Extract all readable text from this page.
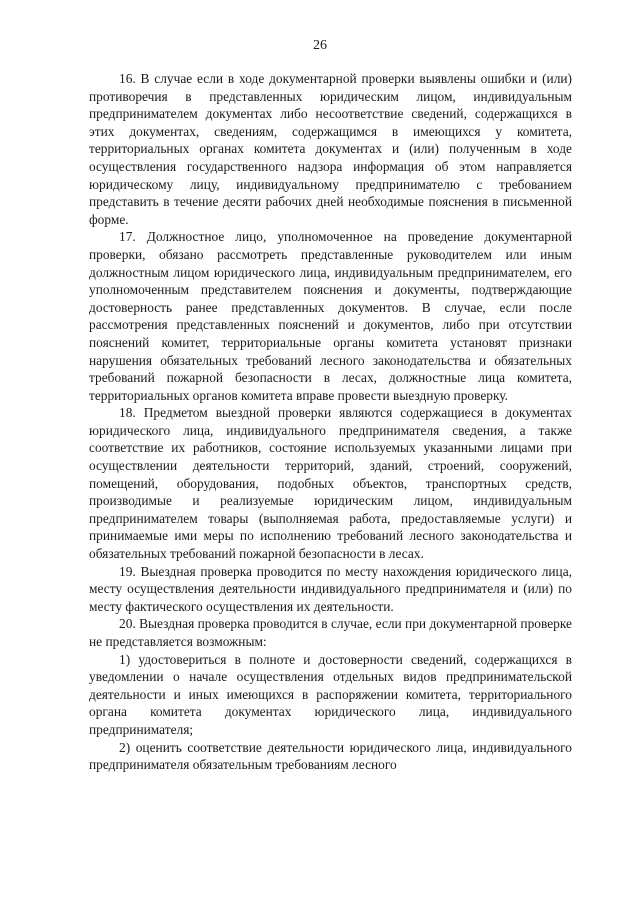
26

16. В случае если в ходе документарной проверки выявлены ошибки и (или) противоречия в представленных юридическим лицом, индивидуальным предпринимателем документах либо несоответствие сведений, содержащихся в этих документах, сведениям, содержащимся в имеющихся у комитета, территориальных органах комитета документах и (или) полученным в ходе осуществления государственного надзора информация об этом направляется юридическому лицу, индивидуальному предпринимателю с требованием представить в течение десяти рабочих дней необходимые пояснения в письменной форме.

17. Должностное лицо, уполномоченное на проведение документарной проверки, обязано рассмотреть представленные руководителем или иным должностным лицом юридического лица, индивидуальным предпринимателем, его уполномоченным представителем пояснения и документы, подтверждающие достоверность ранее представленных документов. В случае, если после рассмотрения представленных пояснений и документов, либо при отсутствии пояснений комитет, территориальные органы комитета установят признаки нарушения обязательных требований лесного законодательства и обязательных требований пожарной безопасности в лесах, должностные лица комитета, территориальных органов комитета вправе провести выездную проверку.

18. Предметом выездной проверки являются содержащиеся в документах юридического лица, индивидуального предпринимателя сведения, а также соответствие их работников, состояние используемых указанными лицами при осуществлении деятельности территорий, зданий, строений, сооружений, помещений, оборудования, подобных объектов, транспортных средств, производимые и реализуемые юридическим лицом, индивидуальным предпринимателем товары (выполняемая работа, предоставляемые услуги) и принимаемые ими меры по исполнению требований лесного законодательства и обязательных требований пожарной безопасности в лесах.

19. Выездная проверка проводится по месту нахождения юридического лица, месту осуществления деятельности индивидуального предпринимателя и (или) по месту фактического осуществления их деятельности.

20. Выездная проверка проводится в случае, если при документарной проверке не представляется возможным:

1) удостовериться в полноте и достоверности сведений, содержащихся в уведомлении о начале осуществления отдельных видов предпринимательской деятельности и иных имеющихся в распоряжении комитета, территориального органа комитета документах юридического лица, индивидуального предпринимателя;

2) оценить соответствие деятельности юридического лица, индивидуального предпринимателя обязательным требованиям лесного
